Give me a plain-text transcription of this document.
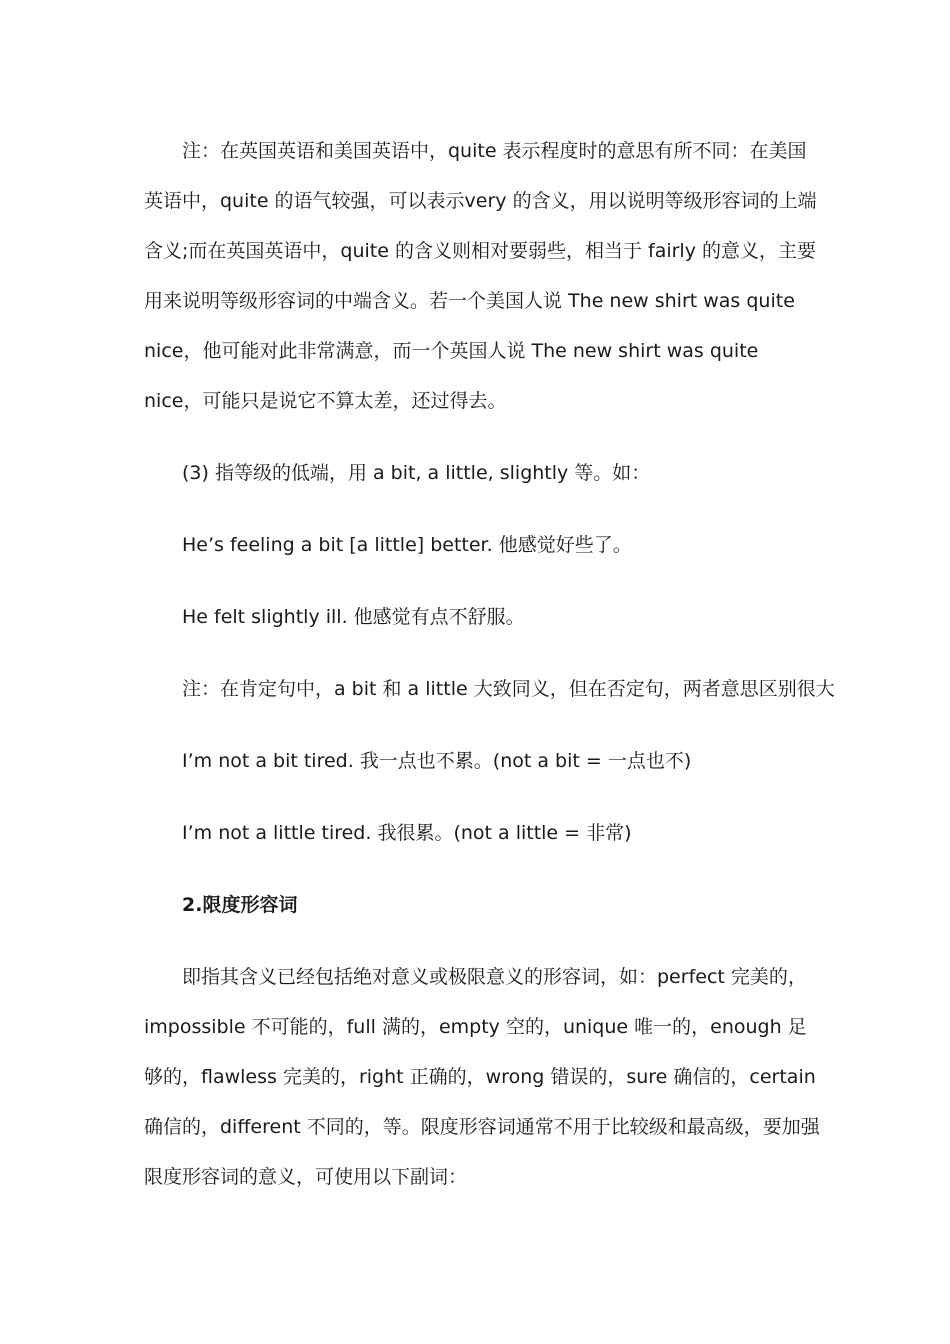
注：在英国英语和美国英语中，quite 表示程度时的意思有所不同：在美国英语中，quite 的语气较强，可以表示very 的含义，用以说明等级形容词的上端含义;而在英国英语中，quite 的含义则相对要弱些，相当于 fairly 的意义，主要用来说明等级形容词的中端含义。若一个美国人说 The new shirt was quite nice，他可能对此非常满意，而一个英国人说 The new shirt was quite nice，可能只是说它不算太差，还过得去。

(3) 指等级的低端，用 a bit, a little, slightly 等。如：

He’s feeling a bit [a little] better. 他感觉好些了。

He felt slightly ill. 他感觉有点不舒服。

注：在肯定句中，a bit 和 a little 大致同义，但在否定句，两者意思区别很大

I’m not a bit tired. 我一点也不累。(not a bit = 一点也不)

I’m not a little tired. 我很累。(not a little = 非常)

2.限度形容词

即指其含义已经包括绝对意义或极限意义的形容词，如：perfect 完美的，impossible 不可能的，full 满的，empty 空的，unique 唯一的，enough 足够的，flawless 完美的，right 正确的，wrong 错误的，sure 确信的，certain 确信的，different 不同的，等。限度形容词通常不用于比较级和最高级，要加强限度形容词的意义，可使用以下副词：
